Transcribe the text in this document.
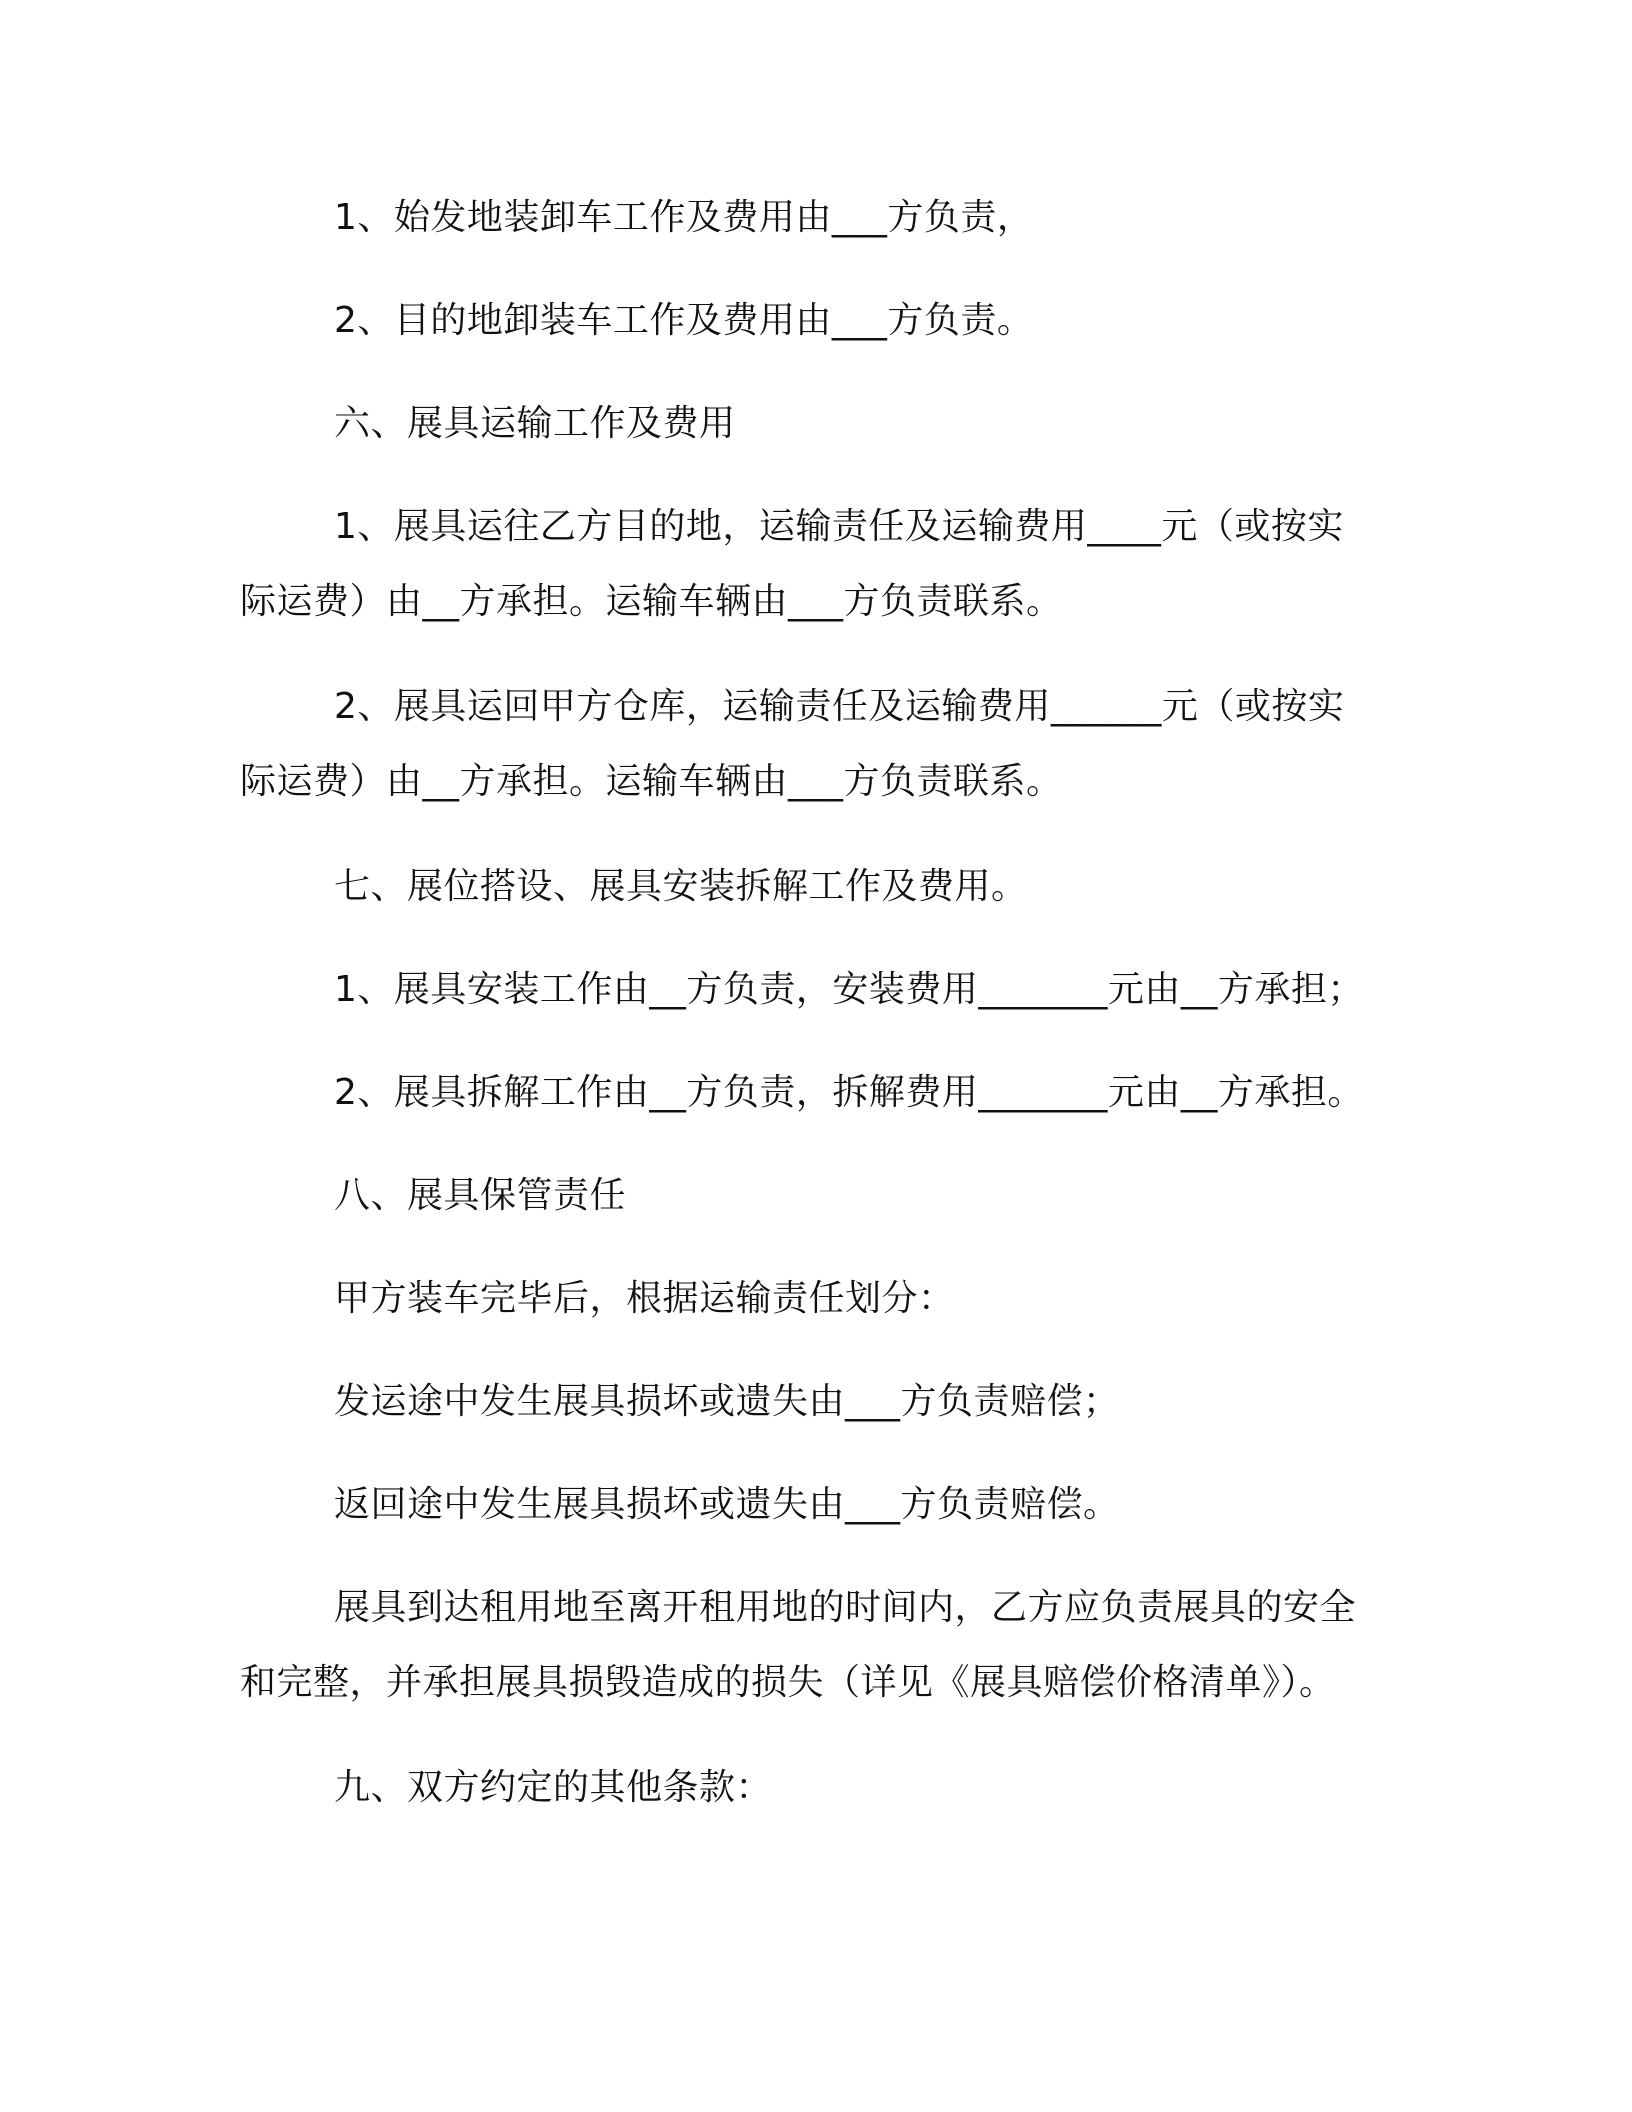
1、始发地装卸车工作及费用由___方负责，
2、目的地卸装车工作及费用由___方负责。
六、展具运输工作及费用
1、展具运往乙方目的地，运输责任及运输费用____元（或按实
际运费）由__方承担。运输车辆由___方负责联系。
2、展具运回甲方仓库，运输责任及运输费用______元（或按实
际运费）由__方承担。运输车辆由___方负责联系。
七、展位搭设、展具安装拆解工作及费用。
1、展具安装工作由__方负责，安装费用_______元由__方承担；
2、展具拆解工作由__方负责，拆解费用_______元由__方承担。
八、展具保管责任
甲方装车完毕后，根据运输责任划分：
发运途中发生展具损坏或遗失由___方负责赔偿；
返回途中发生展具损坏或遗失由___方负责赔偿。
展具到达租用地至离开租用地的时间内，乙方应负责展具的安全
和完整，并承担展具损毁造成的损失（详见《展具赔偿价格清单》）。
九、双方约定的其他条款：
